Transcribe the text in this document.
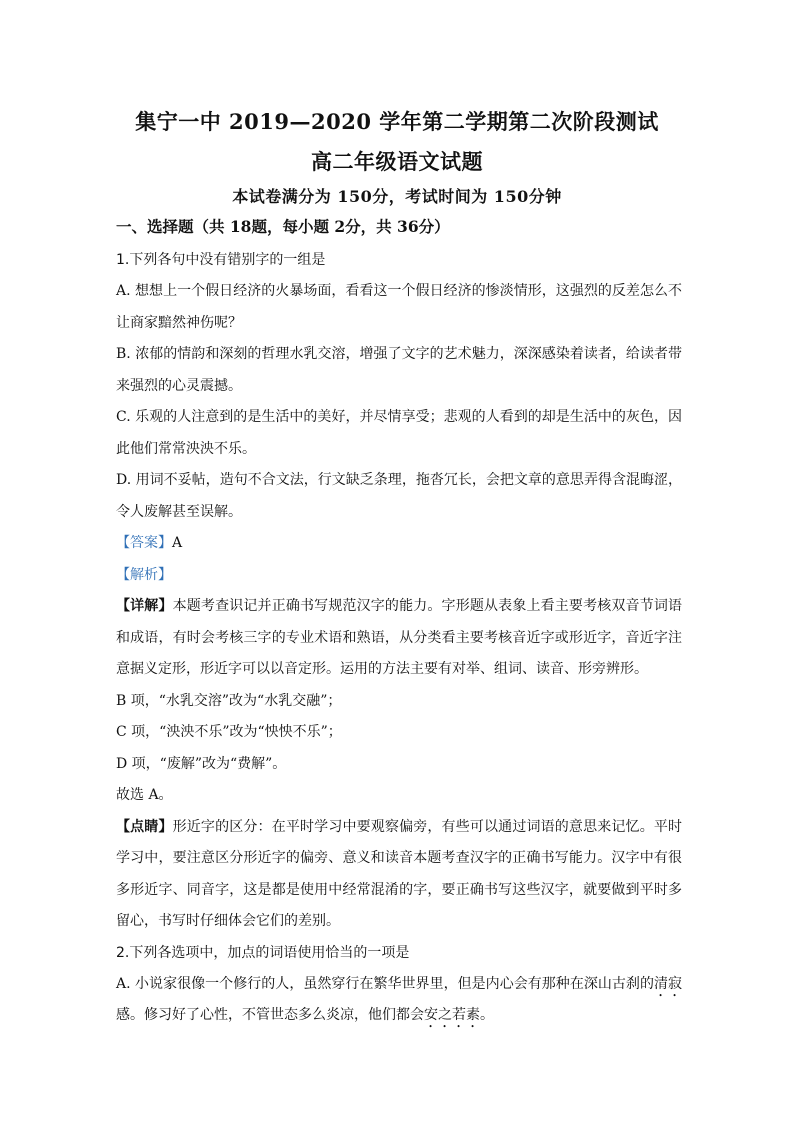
集宁一中 2019—2020 学年第二学期第二次阶段测试
高二年级语文试题
本试卷满分为 150分，考试时间为 150分钟

一、选择题（共 18题，每小题 2分，共 36分）

1.下列各句中没有错别字的一组是

A. 想想上一个假日经济的火暴场面，看看这一个假日经济的惨淡情形，这强烈的反差怎么不让商家黯然神伤呢？

B. 浓郁的情韵和深刻的哲理水乳交溶，增强了文字的艺术魅力，深深感染着读者，给读者带来强烈的心灵震撼。

C. 乐观的人注意到的是生活中的美好，并尽情享受；悲观的人看到的却是生活中的灰色，因此他们常常泱泱不乐。

D. 用词不妥帖，造句不合文法，行文缺乏条理，拖沓冗长，会把文章的意思弄得含混晦涩，令人废解甚至误解。

【答案】A

【解析】

【详解】本题考查识记并正确书写规范汉字的能力。字形题从表象上看主要考核双音节词语和成语，有时会考核三字的专业术语和熟语，从分类看主要考核音近字或形近字，音近字注意据义定形，形近字可以以音定形。运用的方法主要有对举、组词、读音、形旁辨形。

B 项，“水乳交溶”改为“水乳交融”；

C 项，“泱泱不乐”改为“怏怏不乐”；

D 项，“废解”改为“费解”。

故选 A。

【点睛】形近字的区分：在平时学习中要观察偏旁，有些可以通过词语的意思来记忆。平时学习中，要注意区分形近字的偏旁、意义和读音本题考查汉字的正确书写能力。汉字中有很多形近字、同音字，这是都是使用中经常混淆的字，要正确书写这些汉字，就要做到平时多留心，书写时仔细体会它们的差别。

2.下列各选项中，加点的词语使用恰当的一项是

A. 小说家很像一个修行的人，虽然穿行在繁华世界里，但是内心会有那种在深山古刹的清寂感。修习好了心性，不管世态多么炎凉，他们都会安之若素。
